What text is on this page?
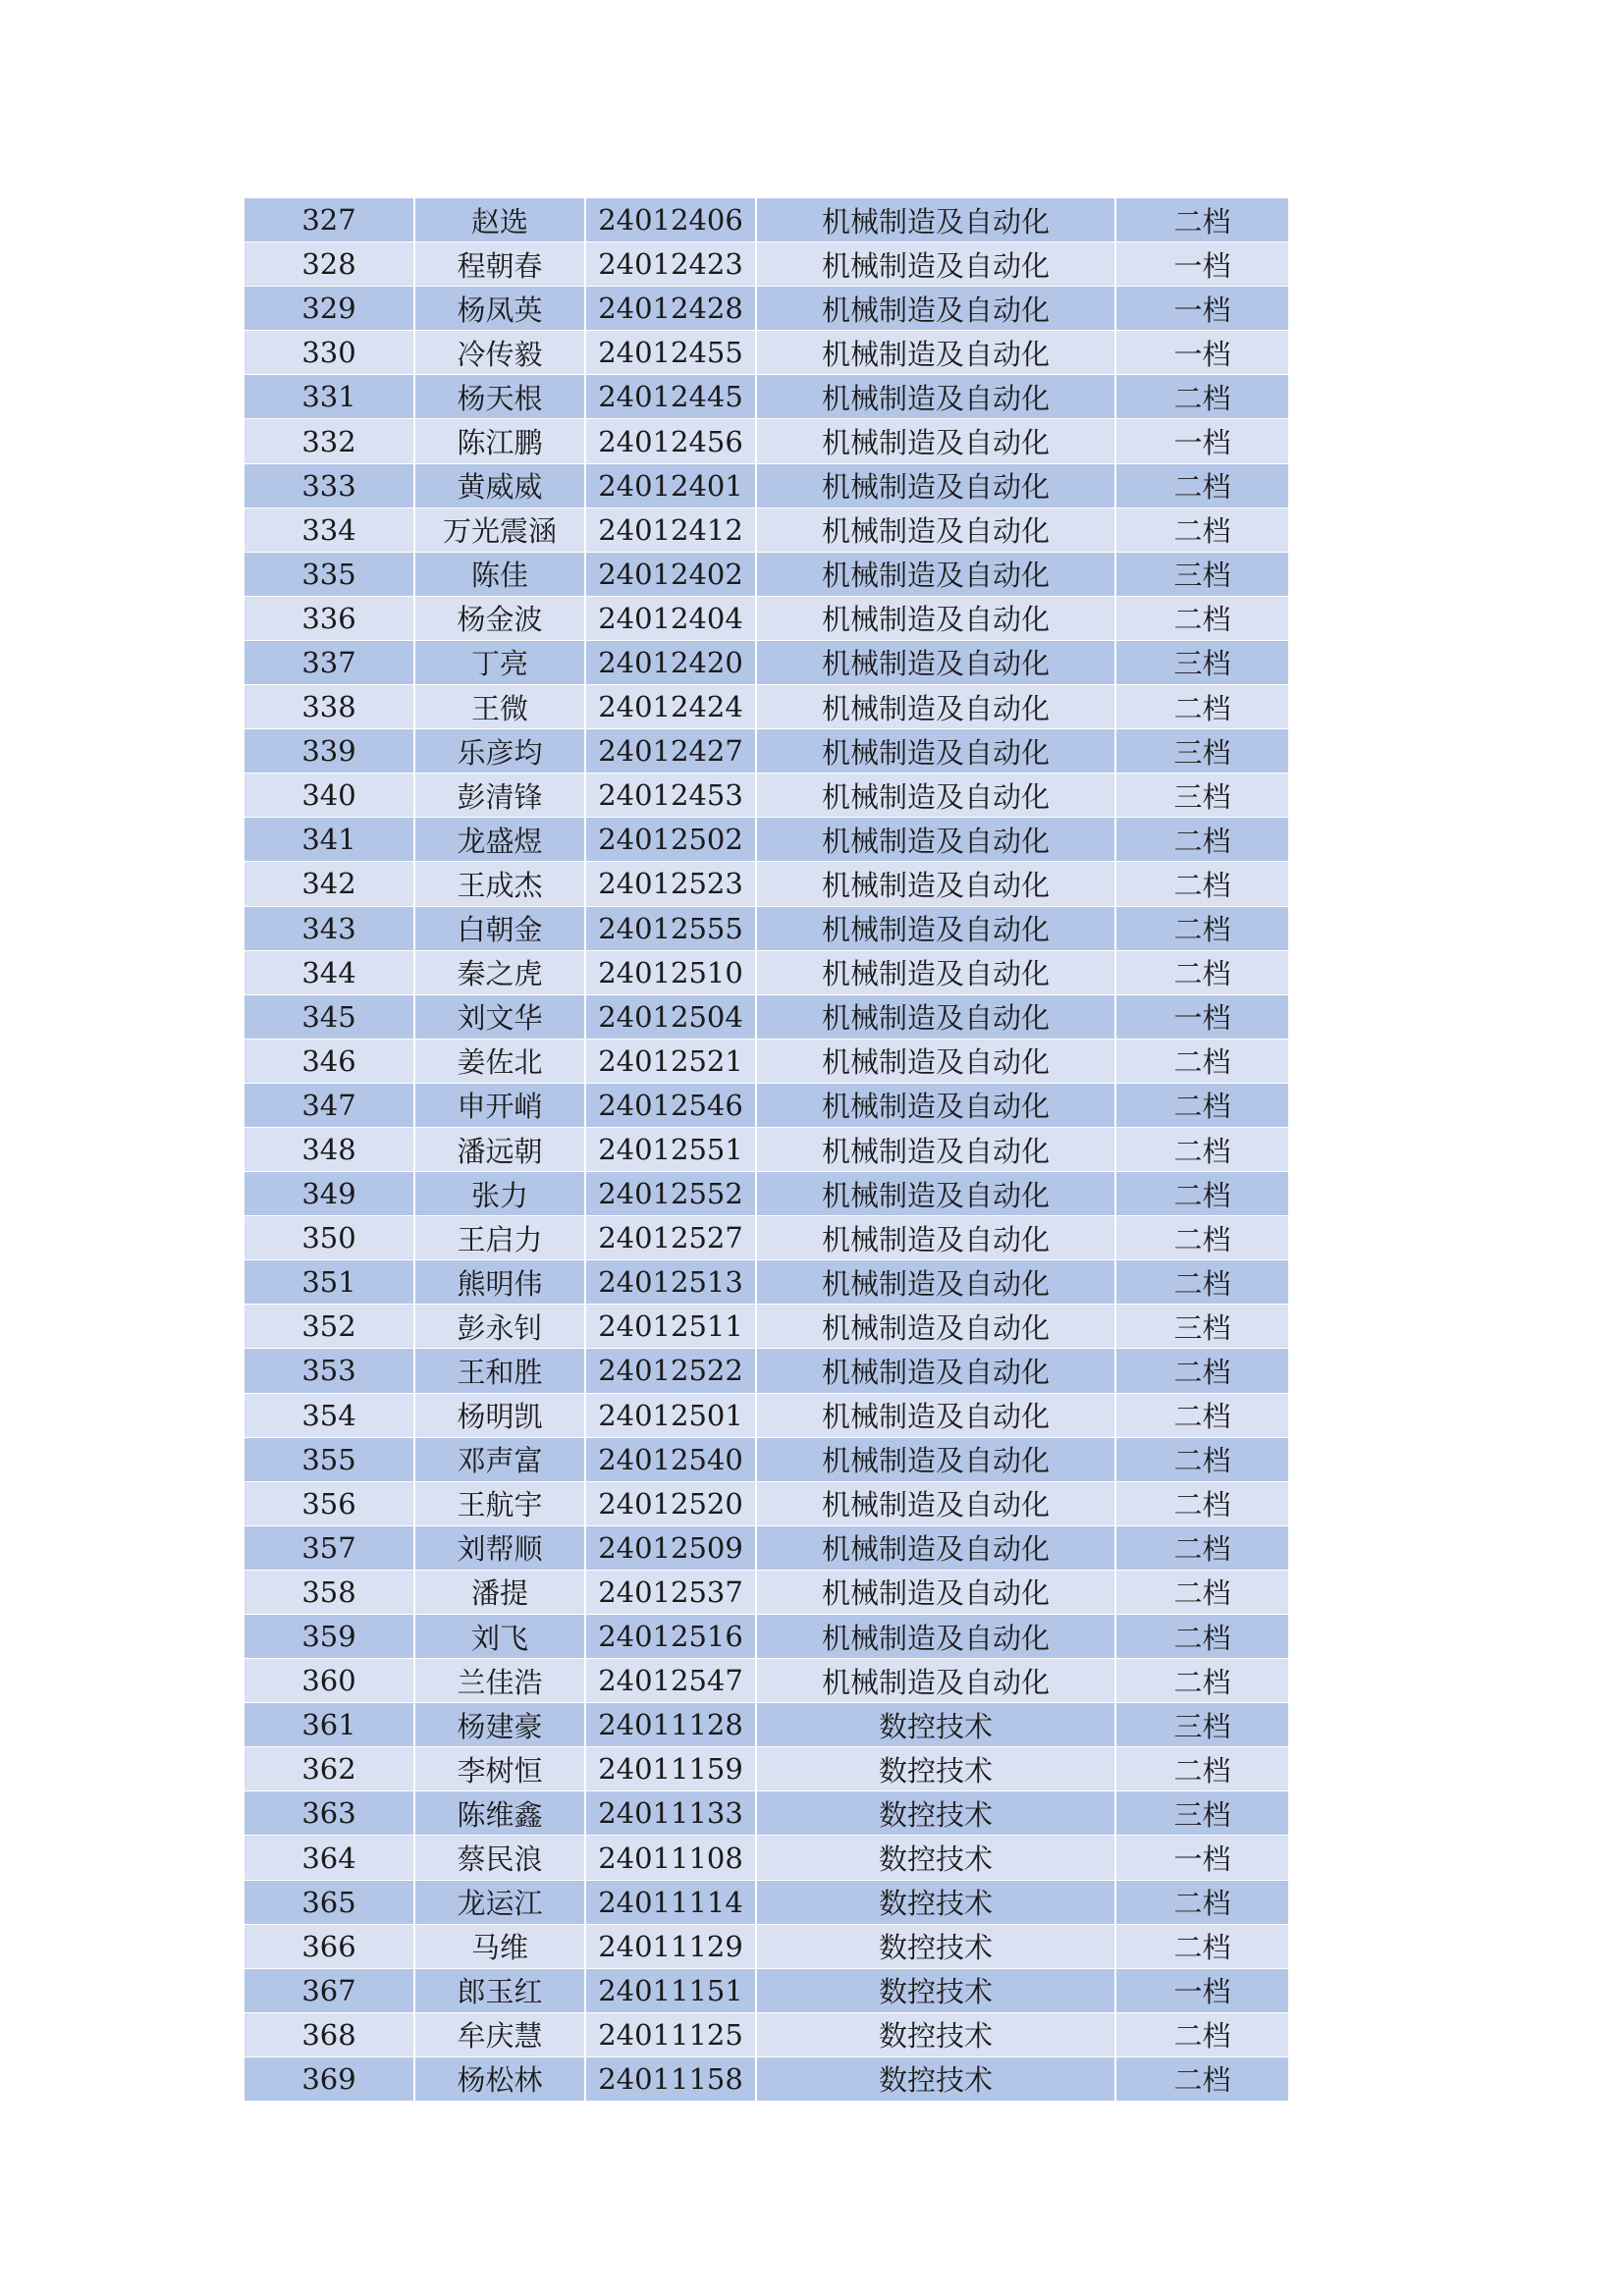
327	赵选	24012406	机械制造及自动化	二档
328	程朝春	24012423	机械制造及自动化	一档
329	杨凤英	24012428	机械制造及自动化	一档
330	冷传毅	24012455	机械制造及自动化	一档
331	杨天根	24012445	机械制造及自动化	二档
332	陈江鹏	24012456	机械制造及自动化	一档
333	黄威威	24012401	机械制造及自动化	二档
334	万光震涵	24012412	机械制造及自动化	二档
335	陈佳	24012402	机械制造及自动化	三档
336	杨金波	24012404	机械制造及自动化	二档
337	丁亮	24012420	机械制造及自动化	三档
338	王微	24012424	机械制造及自动化	二档
339	乐彦均	24012427	机械制造及自动化	三档
340	彭清锋	24012453	机械制造及自动化	三档
341	龙盛煜	24012502	机械制造及自动化	二档
342	王成杰	24012523	机械制造及自动化	二档
343	白朝金	24012555	机械制造及自动化	二档
344	秦之虎	24012510	机械制造及自动化	二档
345	刘文华	24012504	机械制造及自动化	一档
346	姜佐北	24012521	机械制造及自动化	二档
347	申开峭	24012546	机械制造及自动化	二档
348	潘远朝	24012551	机械制造及自动化	二档
349	张力	24012552	机械制造及自动化	二档
350	王启力	24012527	机械制造及自动化	二档
351	熊明伟	24012513	机械制造及自动化	二档
352	彭永钊	24012511	机械制造及自动化	三档
353	王和胜	24012522	机械制造及自动化	二档
354	杨明凯	24012501	机械制造及自动化	二档
355	邓声富	24012540	机械制造及自动化	二档
356	王航宇	24012520	机械制造及自动化	二档
357	刘帮顺	24012509	机械制造及自动化	二档
358	潘提	24012537	机械制造及自动化	二档
359	刘飞	24012516	机械制造及自动化	二档
360	兰佳浩	24012547	机械制造及自动化	二档
361	杨建豪	24011128	数控技术	三档
362	李树恒	24011159	数控技术	二档
363	陈维鑫	24011133	数控技术	三档
364	蔡民浪	24011108	数控技术	一档
365	龙运江	24011114	数控技术	二档
366	马维	24011129	数控技术	二档
367	郎玉红	24011151	数控技术	一档
368	牟庆慧	24011125	数控技术	二档
369	杨松林	24011158	数控技术	二档
